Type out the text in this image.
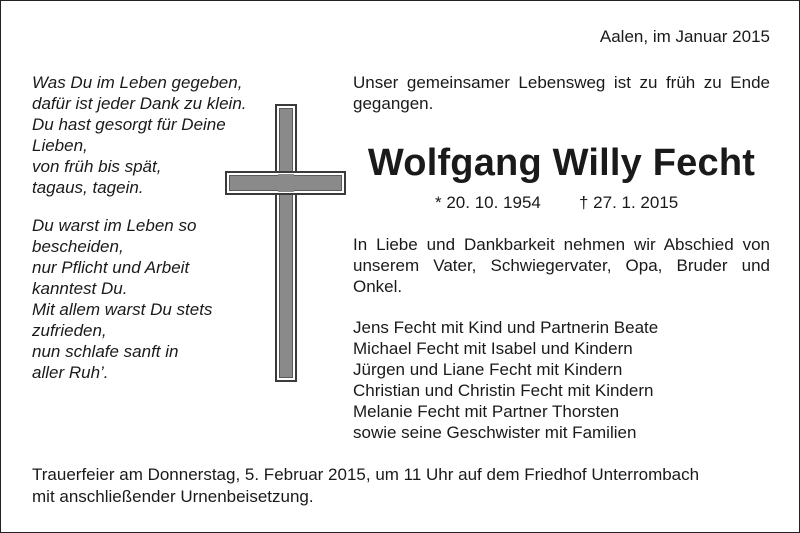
Aalen, im Januar 2015
Was Du im Leben gegeben,
dafür ist jeder Dank zu klein.
Du hast gesorgt für Deine
Lieben,
von früh bis spät,
tagaus, tagein.
Du warst im Leben so
bescheiden,
nur Pflicht und Arbeit
kanntest Du.
Mit allem warst Du stets
zufrieden,
nun schlafe sanft in
aller Ruh’.
Unser gemeinsamer Lebensweg ist zu früh zu Ende gegangen.
Wolfgang Willy Fecht
* 20. 10. 1954 † 27. 1. 2015
In Liebe und Dankbarkeit nehmen wir Abschied von unserem Vater, Schwiegervater, Opa, Bruder und Onkel.
Jens Fecht mit Kind und Partnerin Beate
Michael Fecht mit Isabel und Kindern
Jürgen und Liane Fecht mit Kindern
Christian und Christin Fecht mit Kindern
Melanie Fecht mit Partner Thorsten
sowie seine Geschwister mit Familien
Trauerfeier am Donnerstag, 5. Februar 2015, um 11 Uhr auf dem Friedhof Unterrombach
mit anschließender Urnenbeisetzung.
